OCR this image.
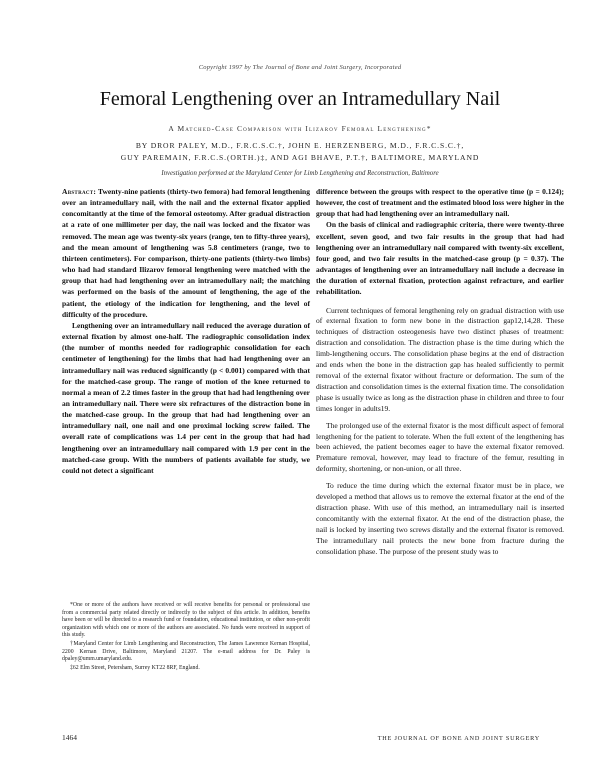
Copyright 1997 by The Journal of Bone and Joint Surgery, Incorporated
Femoral Lengthening over an Intramedullary Nail
A Matched-Case Comparison with Ilizarov Femoral Lengthening*
BY DROR PALEY, M.D., F.R.C.S.C.†, JOHN E. HERZENBERG, M.D., F.R.C.S.C.†,
GUY PAREMAIN, F.R.C.S.(ORTH.)‡, AND AGI BHAVE, P.T.†, BALTIMORE, MARYLAND
Investigation performed at the Maryland Center for Limb Lengthening and Reconstruction, Baltimore

Abstract: Twenty-nine patients (thirty-two femora) had femoral lengthening over an intramedullary nail, with the nail and the external fixator applied concomitantly at the time of the femoral osteotomy. After gradual distraction at a rate of one millimeter per day, the nail was locked and the fixator was removed. The mean age was twenty-six years (range, ten to fifty-three years), and the mean amount of lengthening was 5.8 centimeters (range, two to thirteen centimeters). For comparison, thirty-one patients (thirty-two limbs) who had had standard Ilizarov femoral lengthening were matched with the group that had had lengthening over an intramedullary nail; the matching was performed on the basis of the amount of lengthening, the age of the patient, the etiology of the indication for lengthening, and the level of difficulty of the procedure.

Lengthening over an intramedullary nail reduced the average duration of external fixation by almost one-half. The radiographic consolidation index (the number of months needed for radiographic consolidation for each centimeter of lengthening) for the limbs that had had lengthening over an intramedullary nail was reduced significantly (p < 0.001) compared with that for the matched-case group. The range of motion of the knee returned to normal a mean of 2.2 times faster in the group that had had lengthening over an intramedullary nail. There were six refractures of the distraction bone in the matched-case group. In the group that had had lengthening over an intramedullary nail, one nail and one proximal locking screw failed. The overall rate of complications was 1.4 per cent in the group that had had lengthening over an intramedullary nail compared with 1.9 per cent in the matched-case group. With the numbers of patients available for study, we could not detect a significant

difference between the groups with respect to the operative time (p = 0.124); however, the cost of treatment and the estimated blood loss were higher in the group that had had lengthening over an intramedullary nail.

On the basis of clinical and radiographic criteria, there were twenty-three excellent, seven good, and two fair results in the group that had had lengthening over an intramedullary nail compared with twenty-six excellent, four good, and two fair results in the matched-case group (p = 0.37). The advantages of lengthening over an intramedullary nail include a decrease in the duration of external fixation, protection against refracture, and earlier rehabilitation.

Current techniques of femoral lengthening rely on gradual distraction with use of external fixation to form new bone in the distraction gap12,14,28. These techniques of distraction osteogenesis have two distinct phases of treatment: distraction and consolidation. The distraction phase is the time during which the limb-lengthening occurs. The consolidation phase begins at the end of distraction and ends when the bone in the distraction gap has healed sufficiently to permit removal of the external fixator without fracture or deformation. The sum of the distraction and consolidation times is the external fixation time. The consolidation phase is usually twice as long as the distraction phase in children and three to four times longer in adults19.

The prolonged use of the external fixator is the most difficult aspect of femoral lengthening for the patient to tolerate. When the full extent of the lengthening has been achieved, the patient becomes eager to have the external fixator removed. Premature removal, however, may lead to fracture of the femur, resulting in deformity, shortening, or non-union, or all three.

To reduce the time during which the external fixator must be in place, we developed a method that allows us to remove the external fixator at the end of the distraction phase. With use of this method, an intramedullary nail is inserted concomitantly with the external fixator. At the end of the distraction phase, the nail is locked by inserting two screws distally and the external fixator is removed. The intramedullary nail protects the new bone from fracture during the consolidation phase. The purpose of the present study was to

*One or more of the authors have received or will receive benefits for personal or professional use from a commercial party related directly or indirectly to the subject of this article. In addition, benefits have been or will be directed to a research fund or foundation, educational institution, or other non-profit organization with which one or more of the authors are associated. No funds were received in support of this study.

†Maryland Center for Limb Lengthening and Reconstruction, The James Lawrence Kernan Hospital, 2200 Kernan Drive, Baltimore, Maryland 21207. The e-mail address for Dr. Paley is dpaley@umm.umaryland.edu.

‡62 Elm Street, Petersham, Surrey KT22 8RF, England.

1464	THE JOURNAL OF BONE AND JOINT SURGERY
